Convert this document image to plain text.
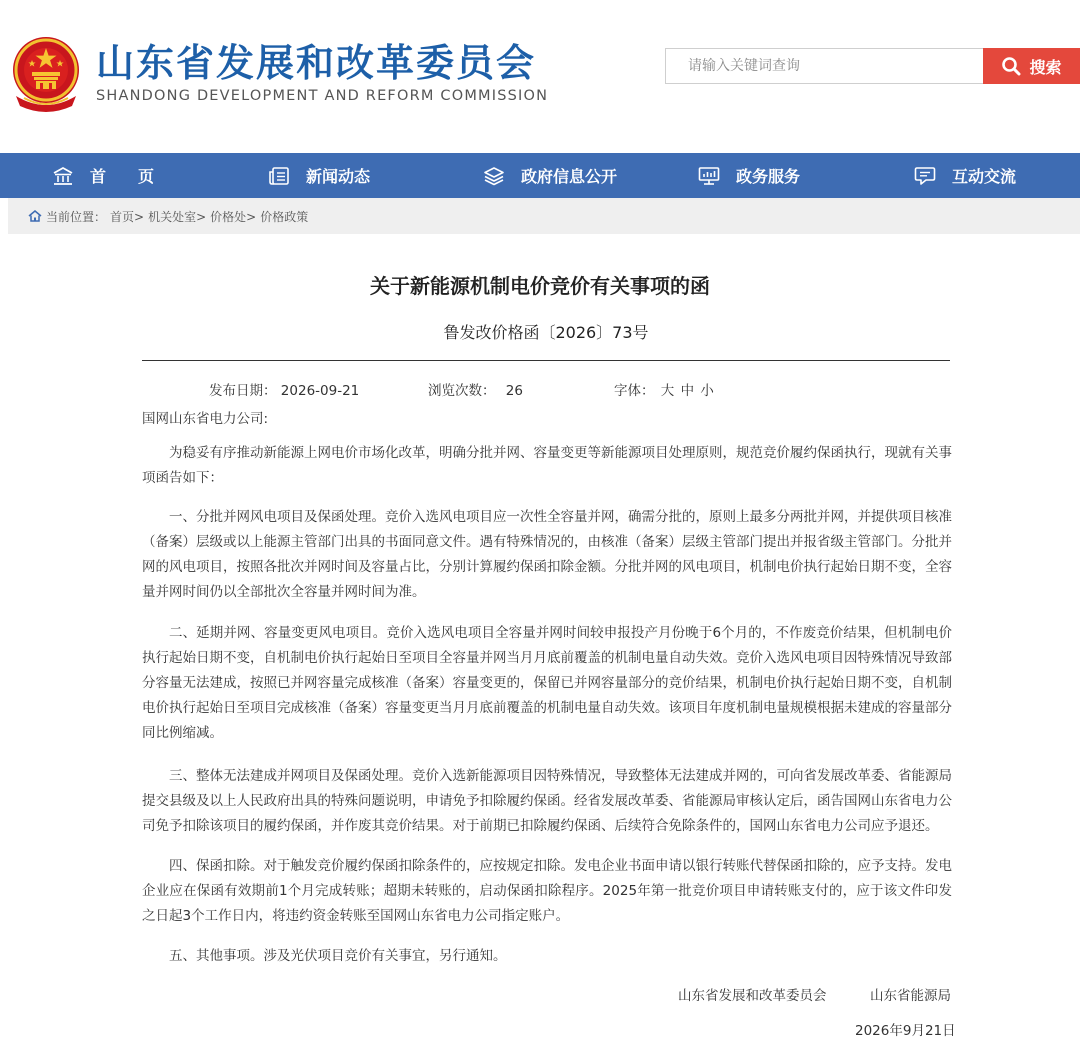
山东省发展和改革委员会
SHANDONG DEVELOPMENT AND REFORM COMMISSION
请输入关键词查询
搜索
首　页	新闻动态	政府信息公开	政务服务	互动交流
当前位置： 首页> 机关处室> 价格处> 价格政策
关于新能源机制电价竞价有关事项的函
鲁发改价格函〔2026〕73号
发布日期： 2026-09-21	浏览次数： 26	字体： 大 中 小
国网山东省电力公司:
为稳妥有序推动新能源上网电价市场化改革，明确分批并网、容量变更等新能源项目处理原则，规范竞价履约保函执行，现就有关事项函告如下：
一、分批并网风电项目及保函处理。竞价入选风电项目应一次性全容量并网，确需分批的，原则上最多分两批并网，并提供项目核准（备案）层级或以上能源主管部门出具的书面同意文件。遇有特殊情况的，由核准（备案）层级主管部门提出并报省级主管部门。分批并网的风电项目，按照各批次并网时间及容量占比，分别计算履约保函扣除金额。分批并网的风电项目，机制电价执行起始日期不变，全容量并网时间仍以全部批次全容量并网时间为准。
二、延期并网、容量变更风电项目。竞价入选风电项目全容量并网时间较申报投产月份晚于6个月的，不作废竞价结果，但机制电价执行起始日期不变，自机制电价执行起始日至项目全容量并网当月月底前覆盖的机制电量自动失效。竞价入选风电项目因特殊情况导致部分容量无法建成，按照已并网容量完成核准（备案）容量变更的，保留已并网容量部分的竞价结果，机制电价执行起始日期不变，自机制电价执行起始日至项目完成核准（备案）容量变更当月月底前覆盖的机制电量自动失效。该项目年度机制电量规模根据未建成的容量部分同比例缩减。
三、整体无法建成并网项目及保函处理。竞价入选新能源项目因特殊情况，导致整体无法建成并网的，可向省发展改革委、省能源局提交县级及以上人民政府出具的特殊问题说明，申请免予扣除履约保函。经省发展改革委、省能源局审核认定后，函告国网山东省电力公司免予扣除该项目的履约保函，并作废其竞价结果。对于前期已扣除履约保函、后续符合免除条件的，国网山东省电力公司应予退还。
四、保函扣除。对于触发竞价履约保函扣除条件的，应按规定扣除。发电企业书面申请以银行转账代替保函扣除的，应予支持。发电企业应在保函有效期前1个月完成转账；超期未转账的，启动保函扣除程序。2025年第一批竞价项目申请转账支付的，应于该文件印发之日起3个工作日内，将违约资金转账至国网山东省电力公司指定账户。
五、其他事项。涉及光伏项目竞价有关事宜，另行通知。
山东省发展和改革委员会	山东省能源局
2026年9月21日
